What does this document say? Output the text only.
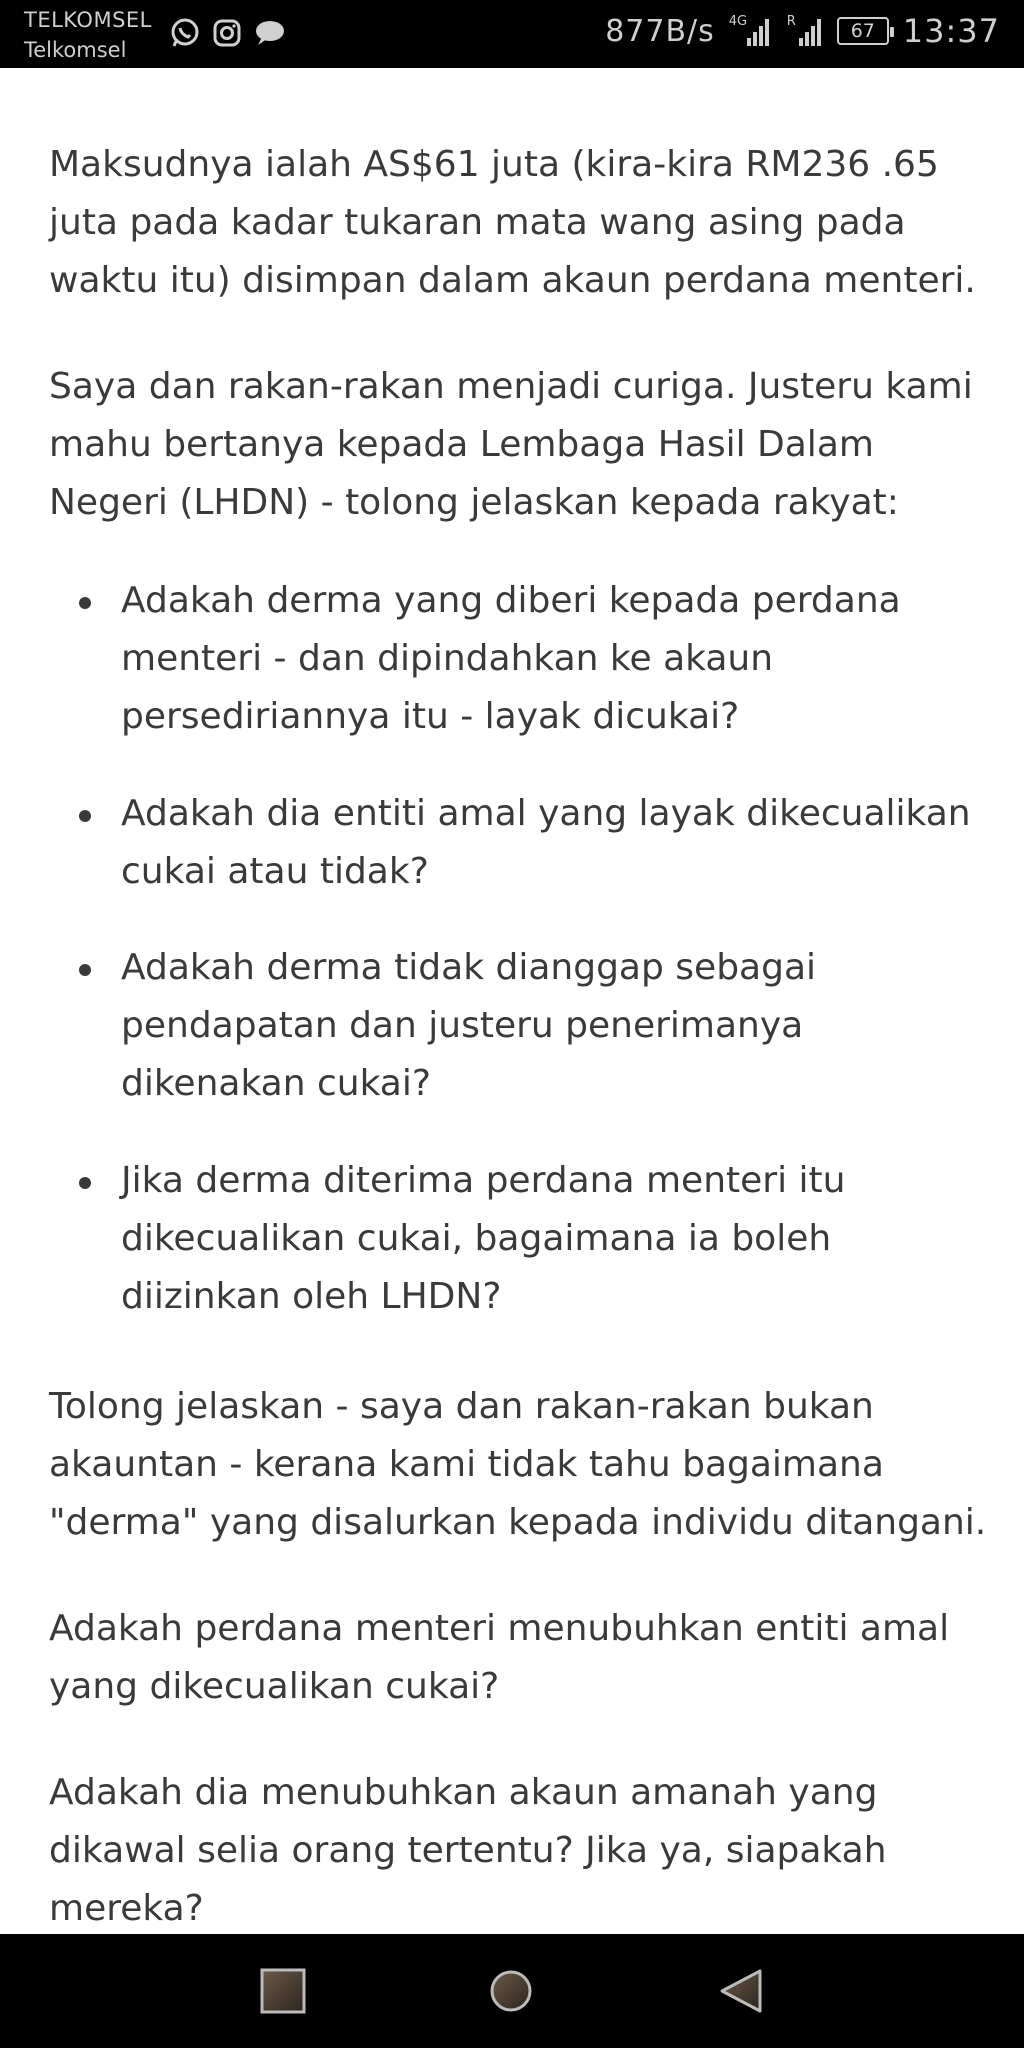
TELKOMSEL
Telkomsel
877B/s 4G	R	67 13:37
Maksudnya ialah AS$61 juta (kira-kira RM236 .65 juta pada kadar tukaran mata wang asing pada waktu itu) disimpan dalam akaun perdana menteri.
Saya dan rakan-rakan menjadi curiga. Justeru kami mahu bertanya kepada Lembaga Hasil Dalam Negeri (LHDN) - tolong jelaskan kepada rakyat:
Adakah derma yang diberi kepada perdana menteri - dan dipindahkan ke akaun persediriannya itu - layak dicukai?
Adakah dia entiti amal yang layak dikecualikan cukai atau tidak?
Adakah derma tidak dianggap sebagai pendapatan dan justeru penerimanya dikenakan cukai?
Jika derma diterima perdana menteri itu dikecualikan cukai, bagaimana ia boleh diizinkan oleh LHDN?
Tolong jelaskan - saya dan rakan-rakan bukan akauntan - kerana kami tidak tahu bagaimana "derma" yang disalurkan kepada individu ditangani.
Adakah perdana menteri menubuhkan entiti amal yang dikecualikan cukai?
Adakah dia menubuhkan akaun amanah yang dikawal selia orang tertentu? Jika ya, siapakah mereka?
